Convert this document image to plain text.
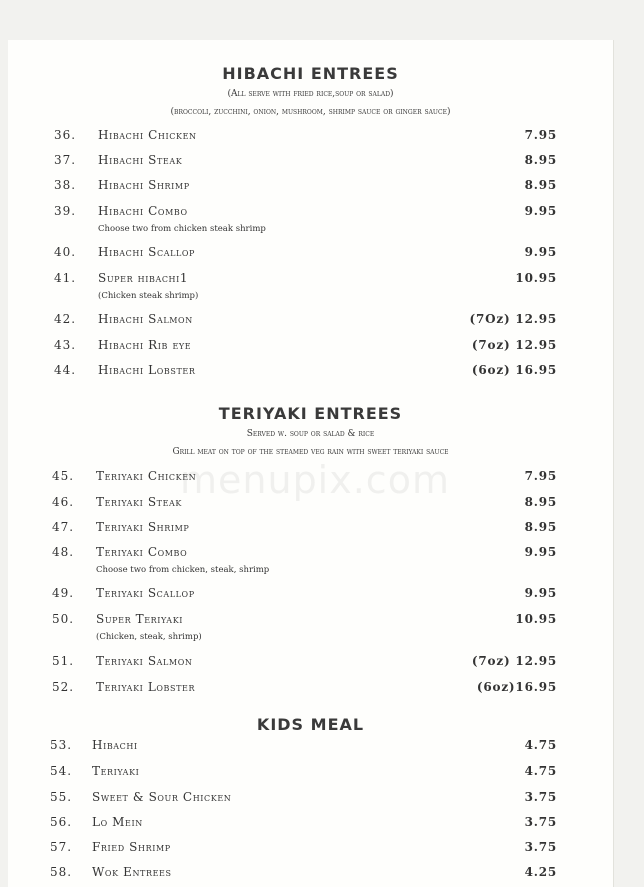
menupix.com
HIBACHI ENTREES
(All serve with fried rice,soup or salad)
(broccoli, zucchini, onion, mushroom, shrimp sauce or ginger sauce)
36. Hibachi Chicken	7.95
37. Hibachi Steak	8.95
38. Hibachi Shrimp	8.95
39. Hibachi Combo	9.95
Choose two from chicken steak shrimp
40. Hibachi Scallop	9.95
41. Super hibachi1	10.95
(Chicken steak shrimp)
42. Hibachi Salmon	(7Oz) 12.95
43. Hibachi Rib eye	(7oz) 12.95
44. Hibachi Lobster	(6oz) 16.95
TERIYAKI ENTREES
Served w. soup or salad & rice
Grill meat on top of the steamed veg rain with sweet teriyaki sauce
45. Teriyaki Chicken	7.95
46. Teriyaki Steak	8.95
47. Teriyaki Shrimp	8.95
48. Teriyaki Combo	9.95
Choose two from chicken, steak, shrimp
49. Teriyaki Scallop	9.95
50. Super Teriyaki	10.95
(Chicken, steak, shrimp)
51. Teriyaki Salmon	(7oz) 12.95
52. Teriyaki Lobster	(6oz)16.95
KIDS MEAL
53. Hibachi	4.75
54. Teriyaki	4.75
55. Sweet & Sour Chicken	3.75
56. Lo Mein	3.75
57. Fried Shrimp	3.75
58. Wok Entrees	4.25
